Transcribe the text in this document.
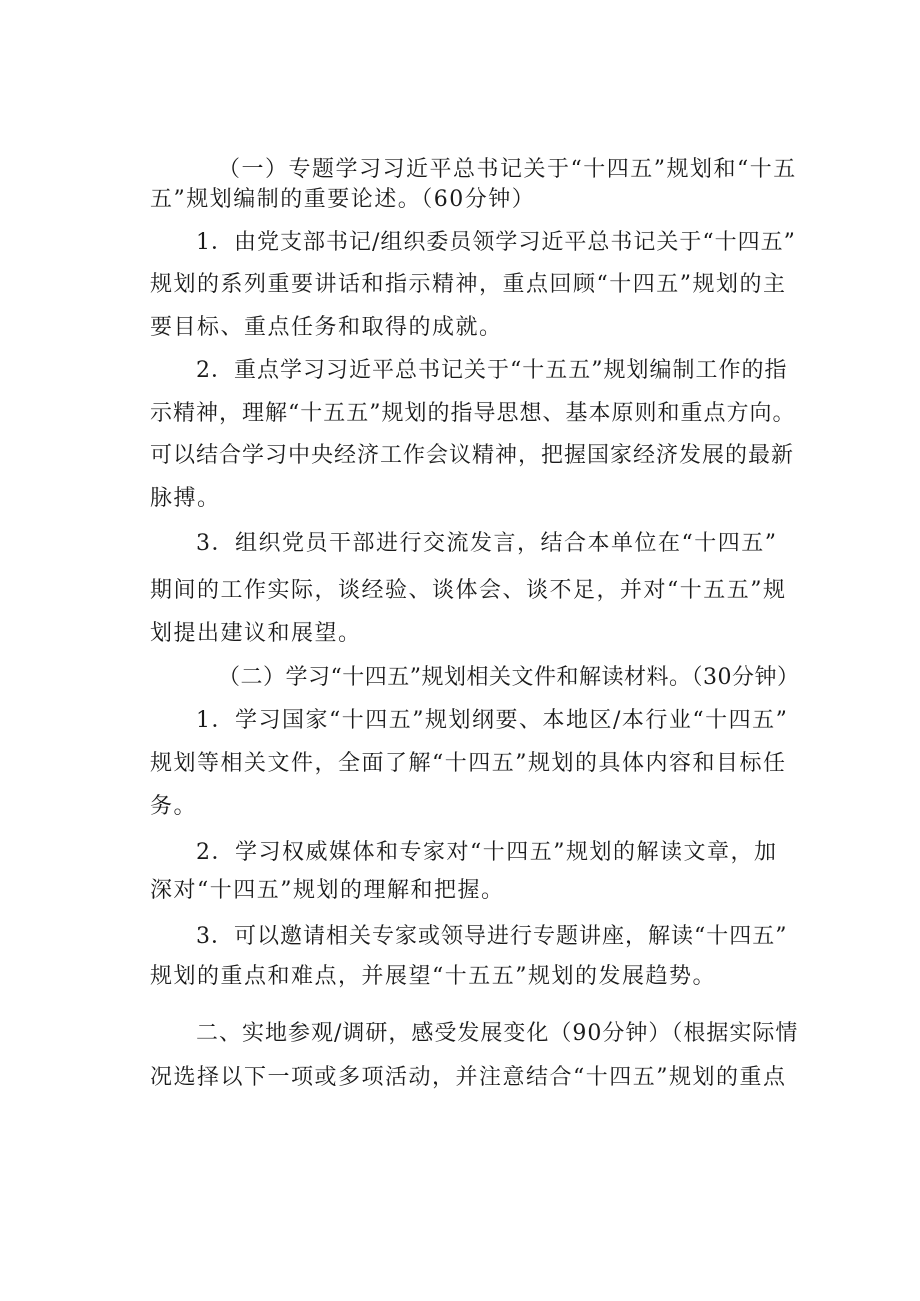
（一）专题学习习近平总书记关于“十四五”规划和“十五
五”规划编制的重要论述。（60分钟）
1．由党支部书记/组织委员领学习近平总书记关于“十四五”
规划的系列重要讲话和指示精神，重点回顾“十四五”规划的主
要目标、重点任务和取得的成就。
2．重点学习习近平总书记关于“十五五”规划编制工作的指
示精神，理解“十五五”规划的指导思想、基本原则和重点方向。
可以结合学习中央经济工作会议精神，把握国家经济发展的最新
脉搏。
3．组织党员干部进行交流发言，结合本单位在“十四五”
期间的工作实际，谈经验、谈体会、谈不足，并对“十五五”规
划提出建议和展望。
（二）学习“十四五”规划相关文件和解读材料。（30分钟）
1．学习国家“十四五”规划纲要、本地区/本行业“十四五”
规划等相关文件，全面了解“十四五”规划的具体内容和目标任
务。
2．学习权威媒体和专家对“十四五”规划的解读文章，加
深对“十四五”规划的理解和把握。
3．可以邀请相关专家或领导进行专题讲座，解读“十四五”
规划的重点和难点，并展望“十五五”规划的发展趋势。
二、实地参观/调研，感受发展变化（90分钟）（根据实际情
况选择以下一项或多项活动，并注意结合“十四五”规划的重点
